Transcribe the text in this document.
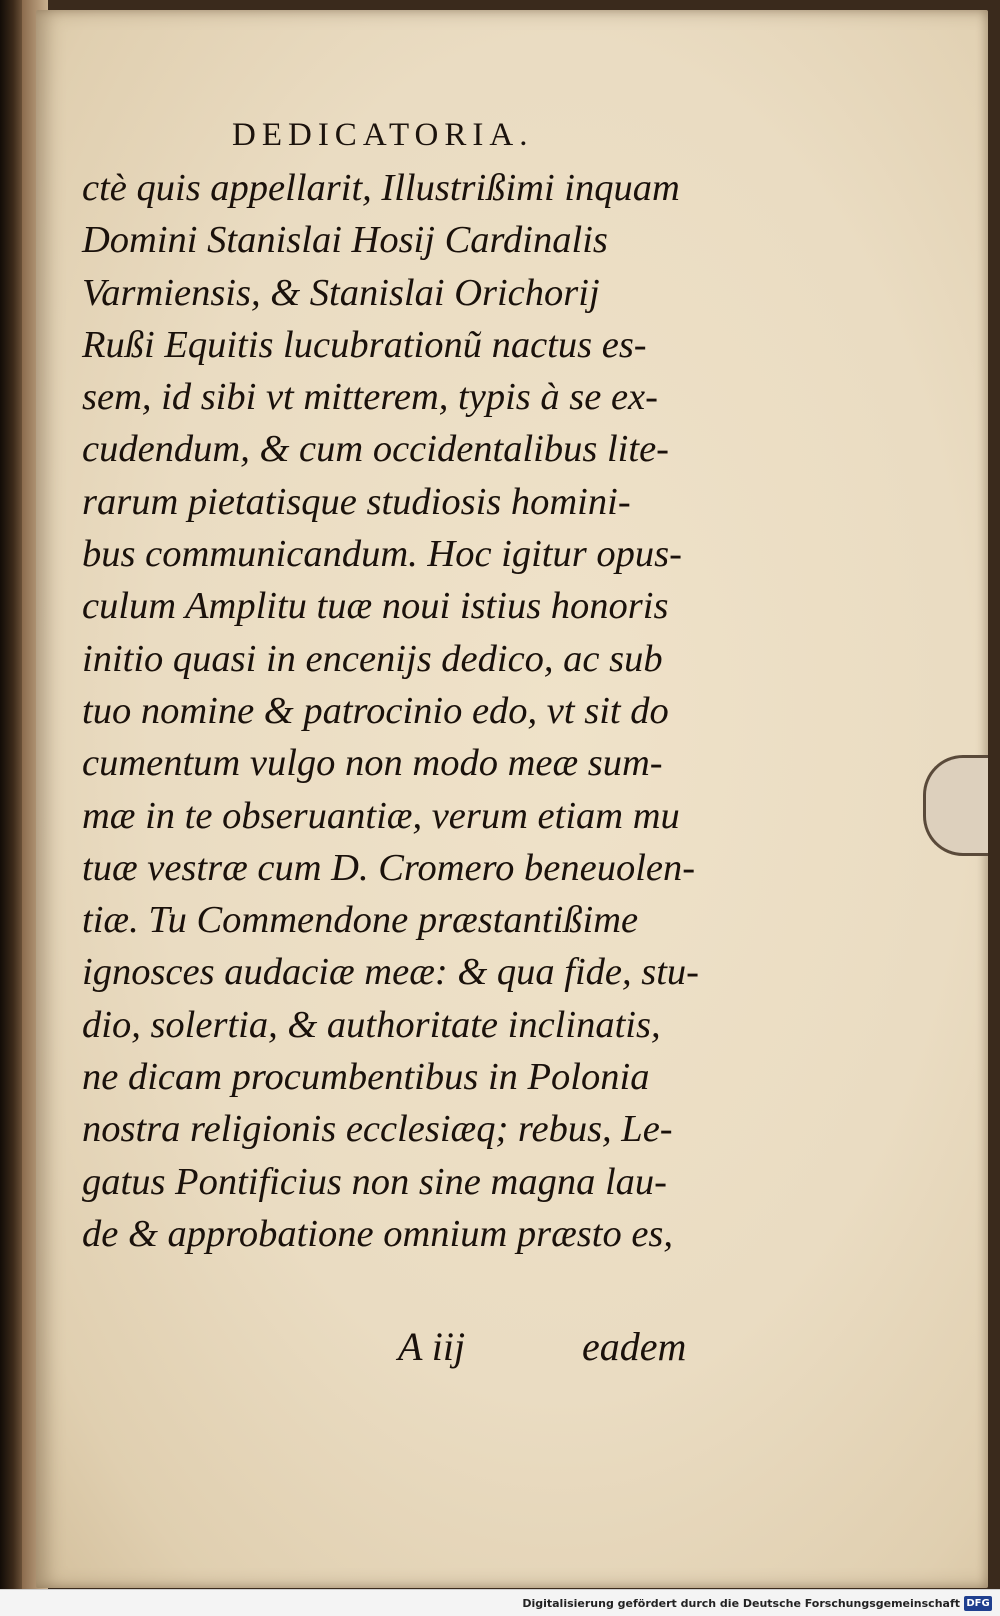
DEDICATORIA.
ctè quis appellarit, Illustrißimi inquam
Domini Stanislai Hosij Cardinalis
Varmiensis, & Stanislai Orichorij
Rußi Equitis lucubrationũ nactus es-
sem, id sibi vt mitterem, typis à se ex-
cudendum, & cum occidentalibus lite-
rarum pietatisque studiosis homini-
bus communicandum. Hoc igitur opus-
culum Amplitu tuæ noui istius honoris
initio quasi in encenijs dedico, ac sub
tuo nomine & patrocinio edo, vt sit do
cumentum vulgo non modo meæ sum-
mæ in te obseruantiæ, verum etiam mu
tuæ vestræ cum D. Cromero beneuolen-
tiæ. Tu Commendone præstantißime
ignosces audaciæ meæ: & qua fide, stu-
dio, solertia, & authoritate inclinatis,
ne dicam procumbentibus in Polonia
nostra religionis ecclesiæq; rebus, Le-
gatus Pontificius non sine magna lau-
de & approbatione omnium præsto es,
A iij	eadem
Digitalisierung gefördert durch die Deutsche Forschungsgemeinschaft DFG
